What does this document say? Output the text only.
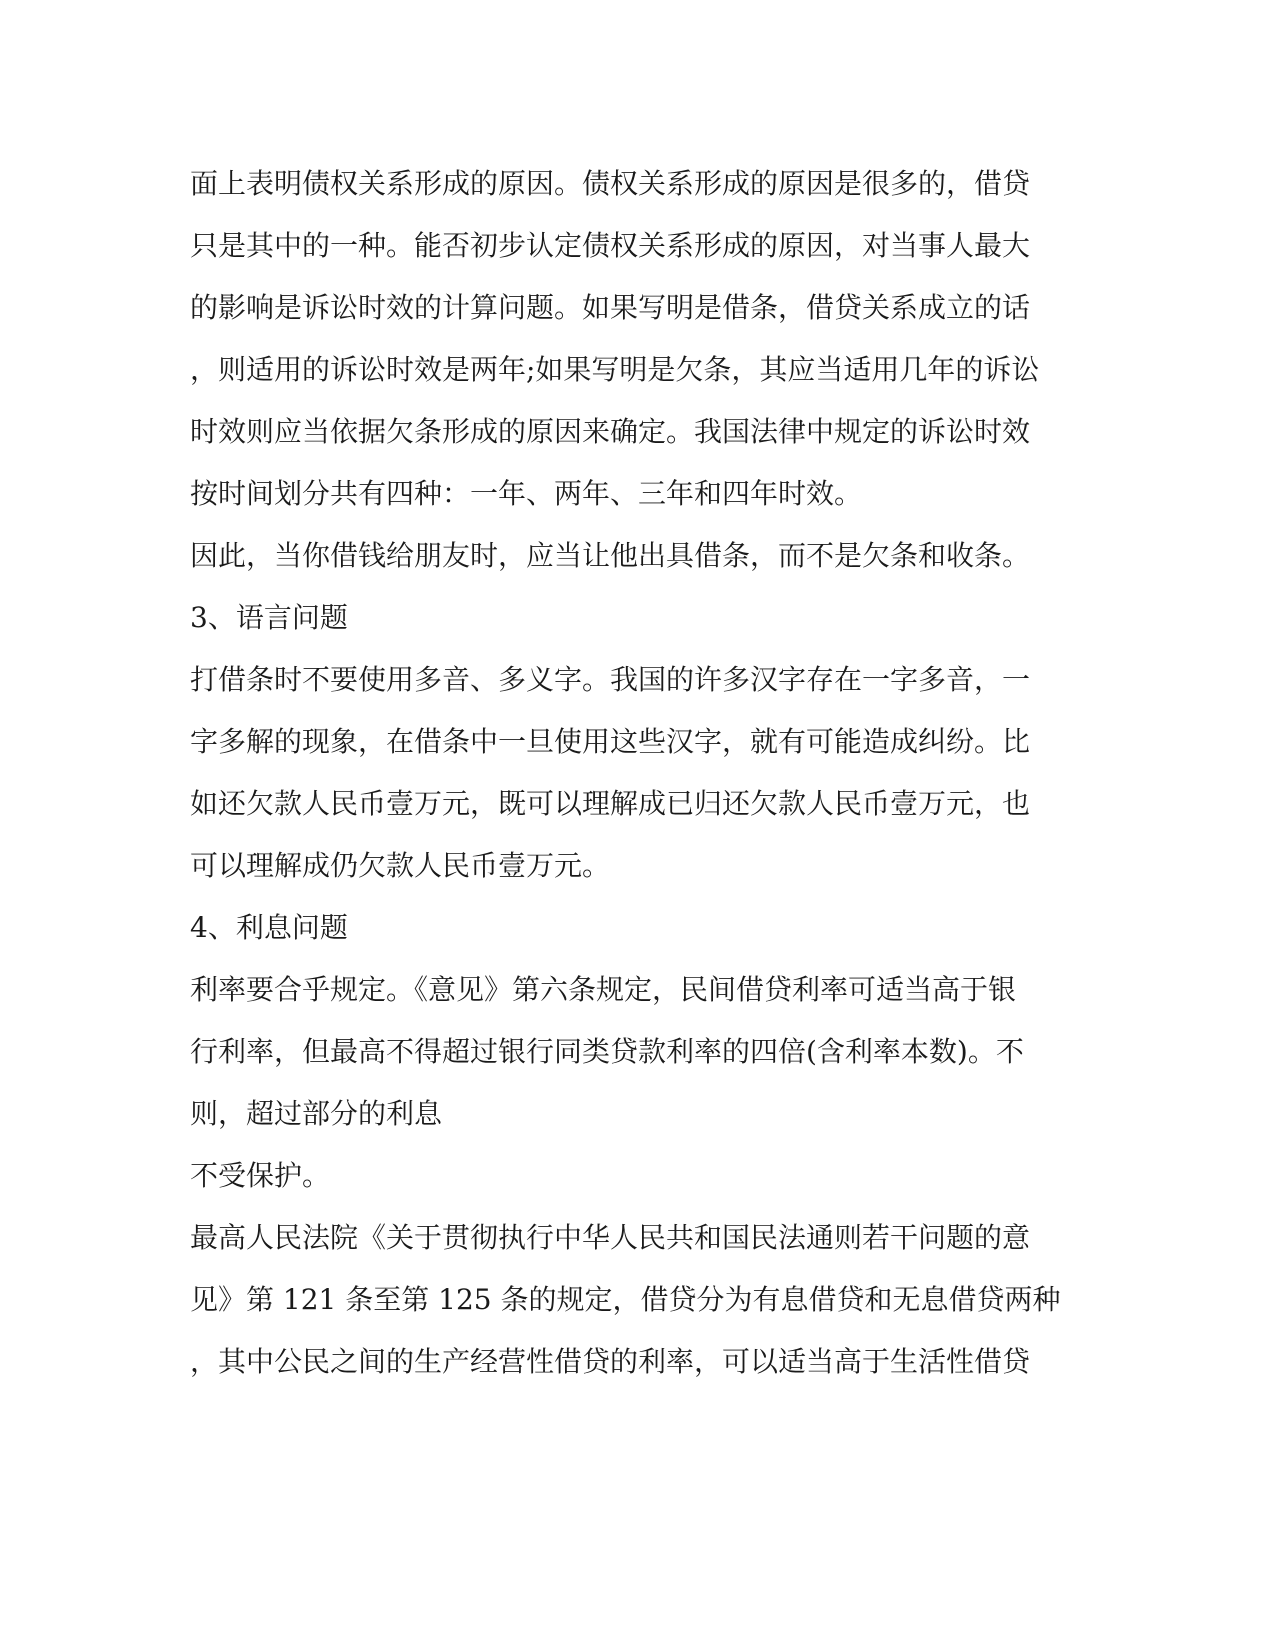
面上表明债权关系形成的原因。债权关系形成的原因是很多的，借贷

只是其中的一种。能否初步认定债权关系形成的原因，对当事人最大

的影响是诉讼时效的计算问题。如果写明是借条，借贷关系成立的话

，则适用的诉讼时效是两年;如果写明是欠条，其应当适用几年的诉讼

时效则应当依据欠条形成的原因来确定。我国法律中规定的诉讼时效

按时间划分共有四种：一年、两年、三年和四年时效。

因此，当你借钱给朋友时，应当让他出具借条，而不是欠条和收条。

3、语言问题

打借条时不要使用多音、多义字。我国的许多汉字存在一字多音，一

字多解的现象，在借条中一旦使用这些汉字，就有可能造成纠纷。比

如还欠款人民币壹万元，既可以理解成已归还欠款人民币壹万元，也

可以理解成仍欠款人民币壹万元。

4、利息问题

利率要合乎规定。《意见》第六条规定，民间借贷利率可适当高于银

行利率，但最高不得超过银行同类贷款利率的四倍(含利率本数)。不

则，超过部分的利息

不受保护。

最高人民法院《关于贯彻执行中华人民共和国民法通则若干问题的意

见》第 121 条至第 125 条的规定，借贷分为有息借贷和无息借贷两种

，其中公民之间的生产经营性借贷的利率，可以适当高于生活性借贷
